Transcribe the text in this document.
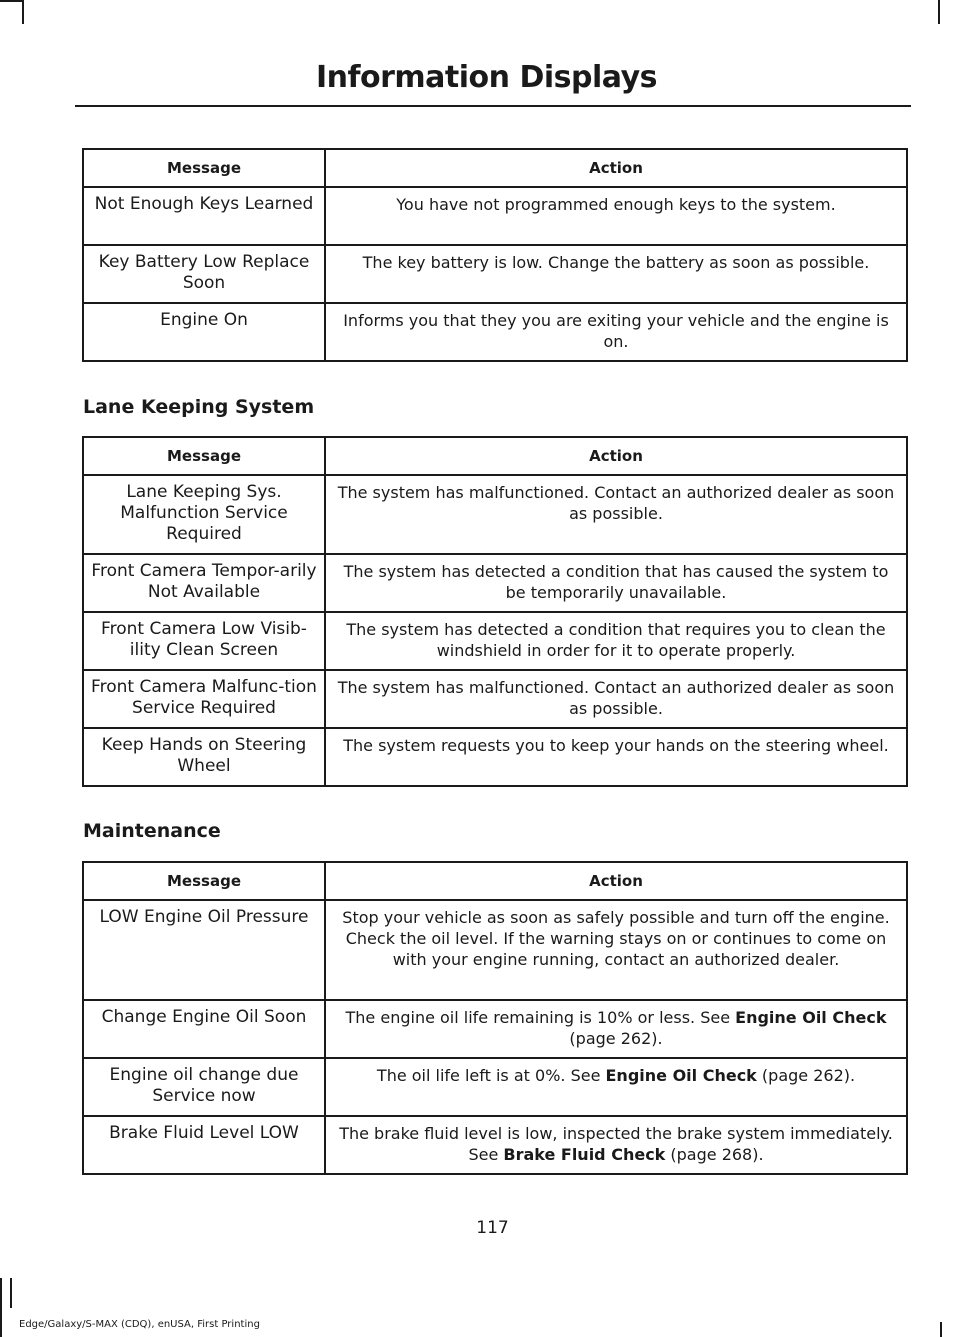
Information Displays
Message	Action
Not Enough Keys Learned	You have not programmed enough keys to the system.
Key Battery Low Replace Soon	The key battery is low. Change the battery as soon as possible.
Engine On	Informs you that they you are exiting your vehicle and the engine is on.
Lane Keeping System
Message	Action
Lane Keeping Sys. Malfunction Service Required	The system has malfunctioned. Contact an authorized dealer as soon as possible.
Front Camera Tempor-arily Not Available	The system has detected a condition that has caused the system to be temporarily unavailable.
Front Camera Low Visib-ility Clean Screen	The system has detected a condition that requires you to clean the windshield in order for it to operate properly.
Front Camera Malfunc-tion Service Required	The system has malfunctioned. Contact an authorized dealer as soon as possible.
Keep Hands on Steering Wheel	The system requests you to keep your hands on the steering wheel.
Maintenance
Message	Action
LOW Engine Oil Pressure	Stop your vehicle as soon as safely possible and turn off the engine. Check the oil level. If the warning stays on or continues to come on with your engine running, contact an authorized dealer.
Change Engine Oil Soon	The engine oil life remaining is 10% or less. See Engine Oil Check (page 262).
Engine oil change due Service now	The oil life left is at 0%. See Engine Oil Check (page 262).
Brake Fluid Level LOW	The brake fluid level is low, inspected the brake system immediately. See Brake Fluid Check (page 268).
117
Edge/Galaxy/S-MAX (CDQ), enUSA, First Printing
